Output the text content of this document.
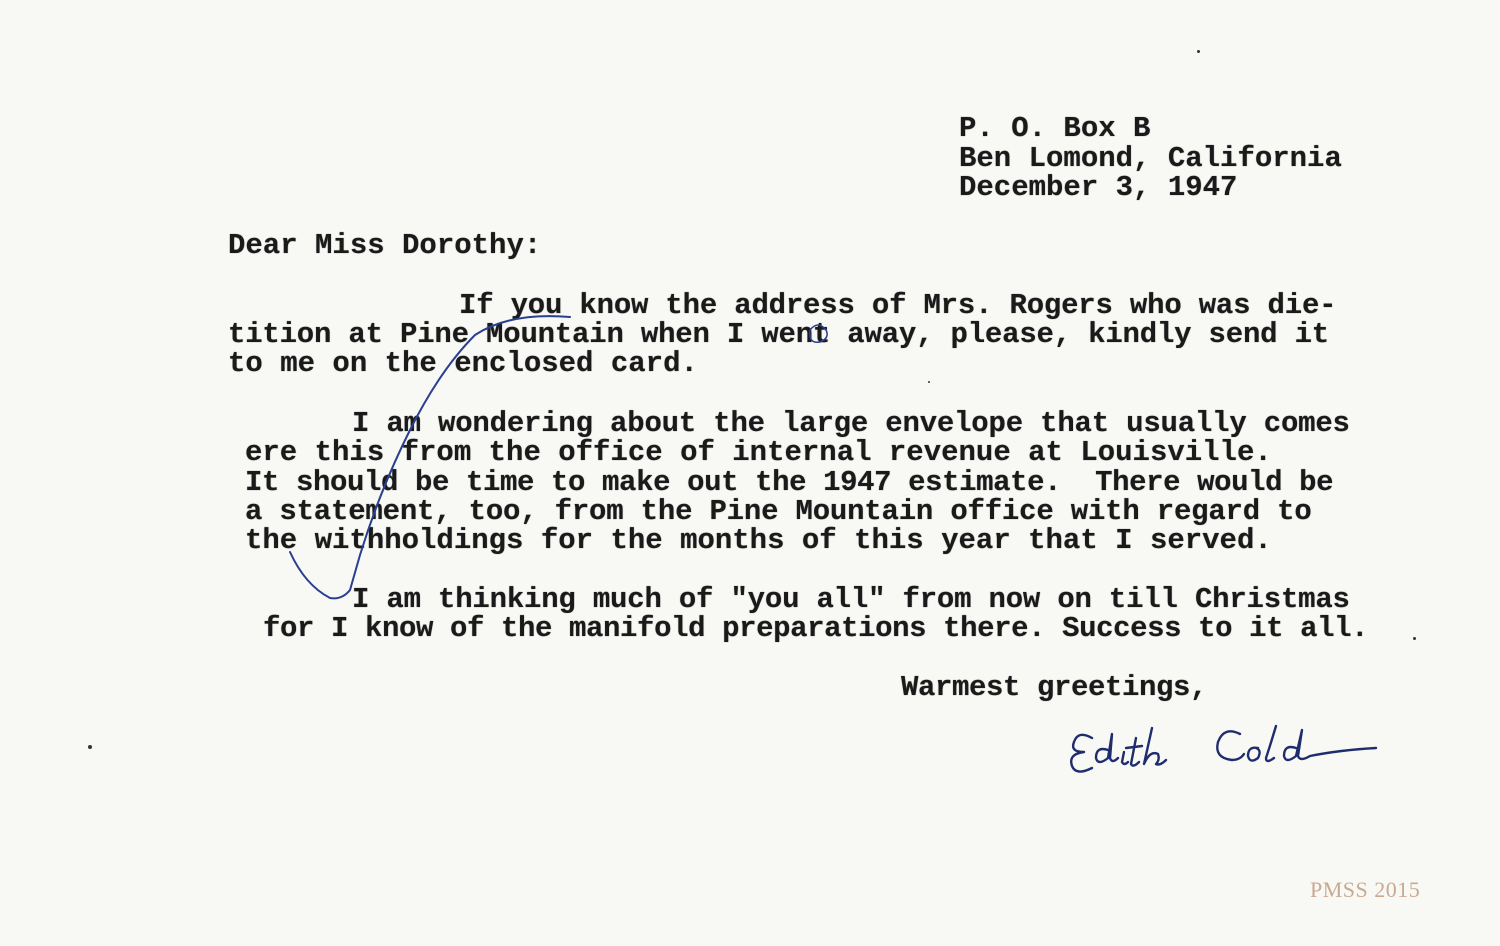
P. O. Box B
Ben Lomond, California
December 3, 1947
Dear Miss Dorothy:
If you know the address of Mrs. Rogers who was die-
tition at Pine Mountain when I went away, please, kindly send it
to me on the enclosed card.
I am wondering about the large envelope that usually comes
ere this from the office of internal revenue at Louisville.
It should be time to make out the 1947 estimate.  There would be
a statement, too, from the Pine Mountain office with regard to
the withholdings for the months of this year that I served.
I am thinking much of "you all" from now on till Christmas
for I know of the manifold preparations there. Success to it all.
Warmest greetings,
PMSS 2015
